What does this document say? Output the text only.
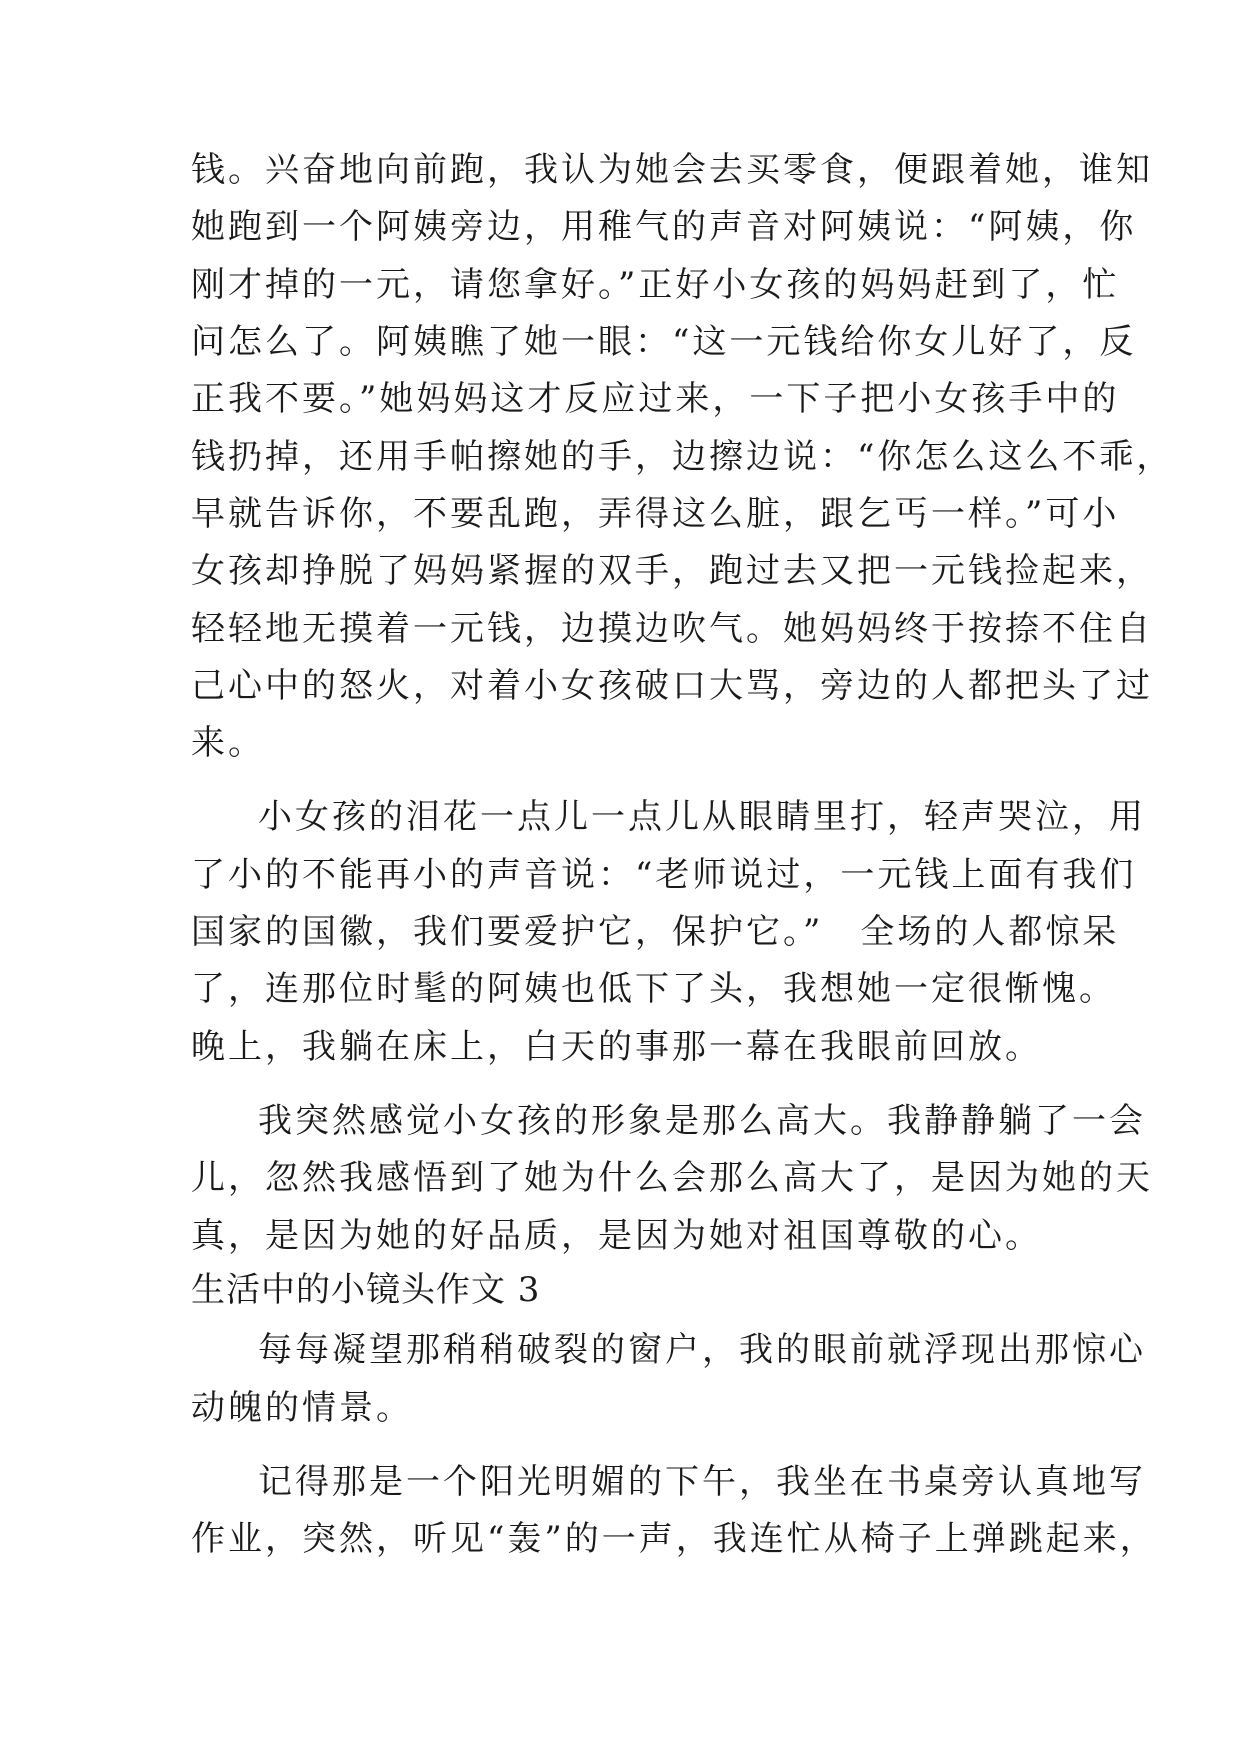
钱。兴奋地向前跑，我认为她会去买零食，便跟着她，谁知
她跑到一个阿姨旁边，用稚气的声音对阿姨说：“阿姨，你
刚才掉的一元，请您拿好。”正好小女孩的妈妈赶到了，忙
问怎么了。阿姨瞧了她一眼：“这一元钱给你女儿好了，反
正我不要。”她妈妈这才反应过来，一下子把小女孩手中的
钱扔掉，还用手帕擦她的手，边擦边说：“你怎么这么不乖，
早就告诉你，不要乱跑，弄得这么脏，跟乞丐一样。”可小
女孩却挣脱了妈妈紧握的双手，跑过去又把一元钱捡起来，
轻轻地无摸着一元钱，边摸边吹气。她妈妈终于按捺不住自
己心中的怒火，对着小女孩破口大骂，旁边的人都把头了过
来。
小女孩的泪花一点儿一点儿从眼睛里打，轻声哭泣，用
了小的不能再小的声音说：“老师说过，一元钱上面有我们
国家的国徽，我们要爱护它，保护它。”　全场的人都惊呆
了，连那位时髦的阿姨也低下了头，我想她一定很惭愧。
晚上，我躺在床上，白天的事那一幕在我眼前回放。
我突然感觉小女孩的形象是那么高大。我静静躺了一会
儿，忽然我感悟到了她为什么会那么高大了，是因为她的天
真，是因为她的好品质，是因为她对祖国尊敬的心。
生活中的小镜头作文 3
每每凝望那稍稍破裂的窗户，我的眼前就浮现出那惊心
动魄的情景。
记得那是一个阳光明媚的下午，我坐在书桌旁认真地写
作业，突然，听见“轰”的一声，我连忙从椅子上弹跳起来，
